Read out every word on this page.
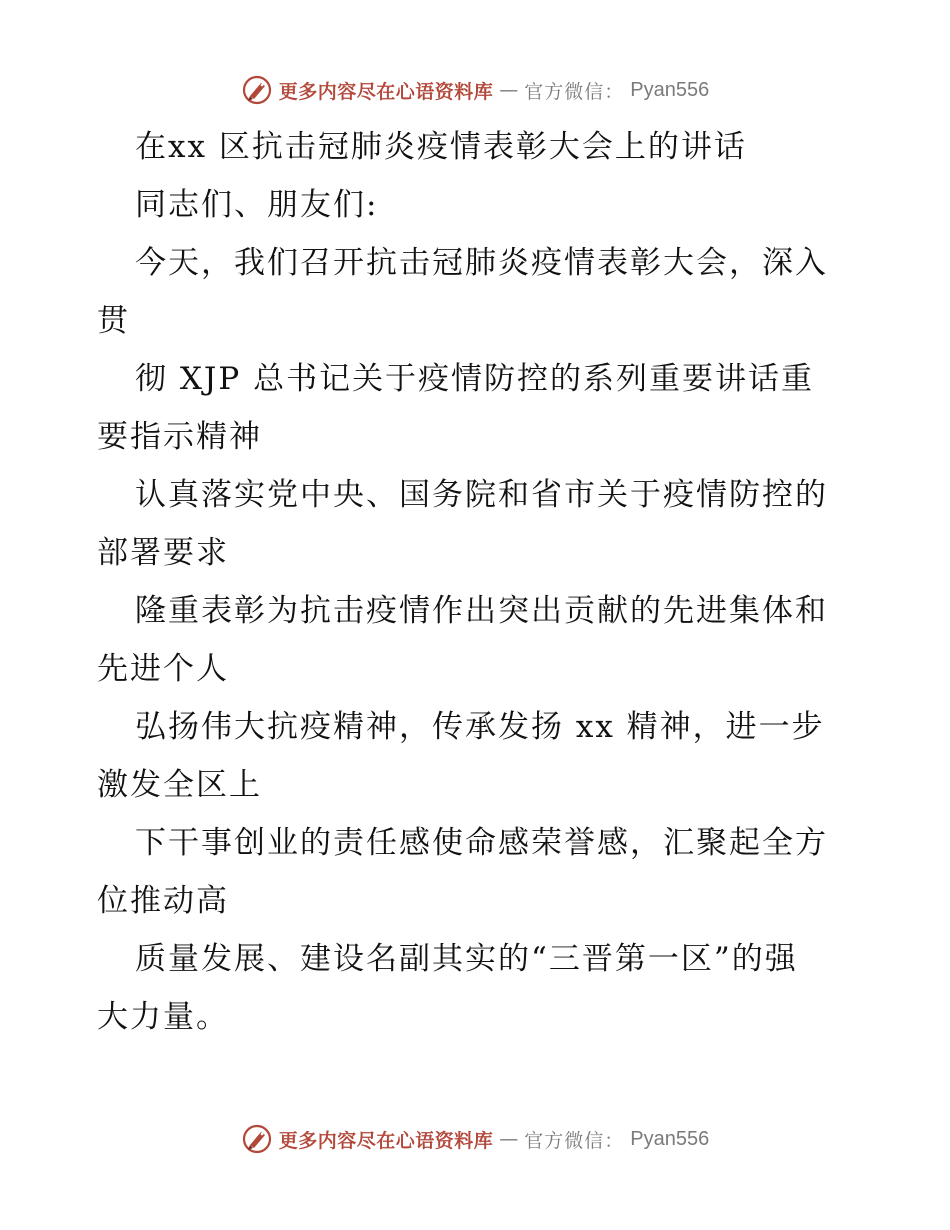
更多内容尽在心语资料库 — 官方微信： Pyan556

在xx 区抗击冠肺炎疫情表彰大会上的讲话

同志们、朋友们:

今天，我们召开抗击冠肺炎疫情表彰大会，深入

贯

彻 XJP 总书记关于疫情防控的系列重要讲话重

要指示精神

认真落实党中央、国务院和省市关于疫情防控的

部署要求

隆重表彰为抗击疫情作出突出贡献的先进集体和

先进个人

弘扬伟大抗疫精神，传承发扬 xx 精神，进一步

激发全区上

下干事创业的责任感使命感荣誉感，汇聚起全方

位推动高

质量发展、建设名副其实的“三晋第一区”的强

大力量。

更多内容尽在心语资料库 — 官方微信： Pyan556
